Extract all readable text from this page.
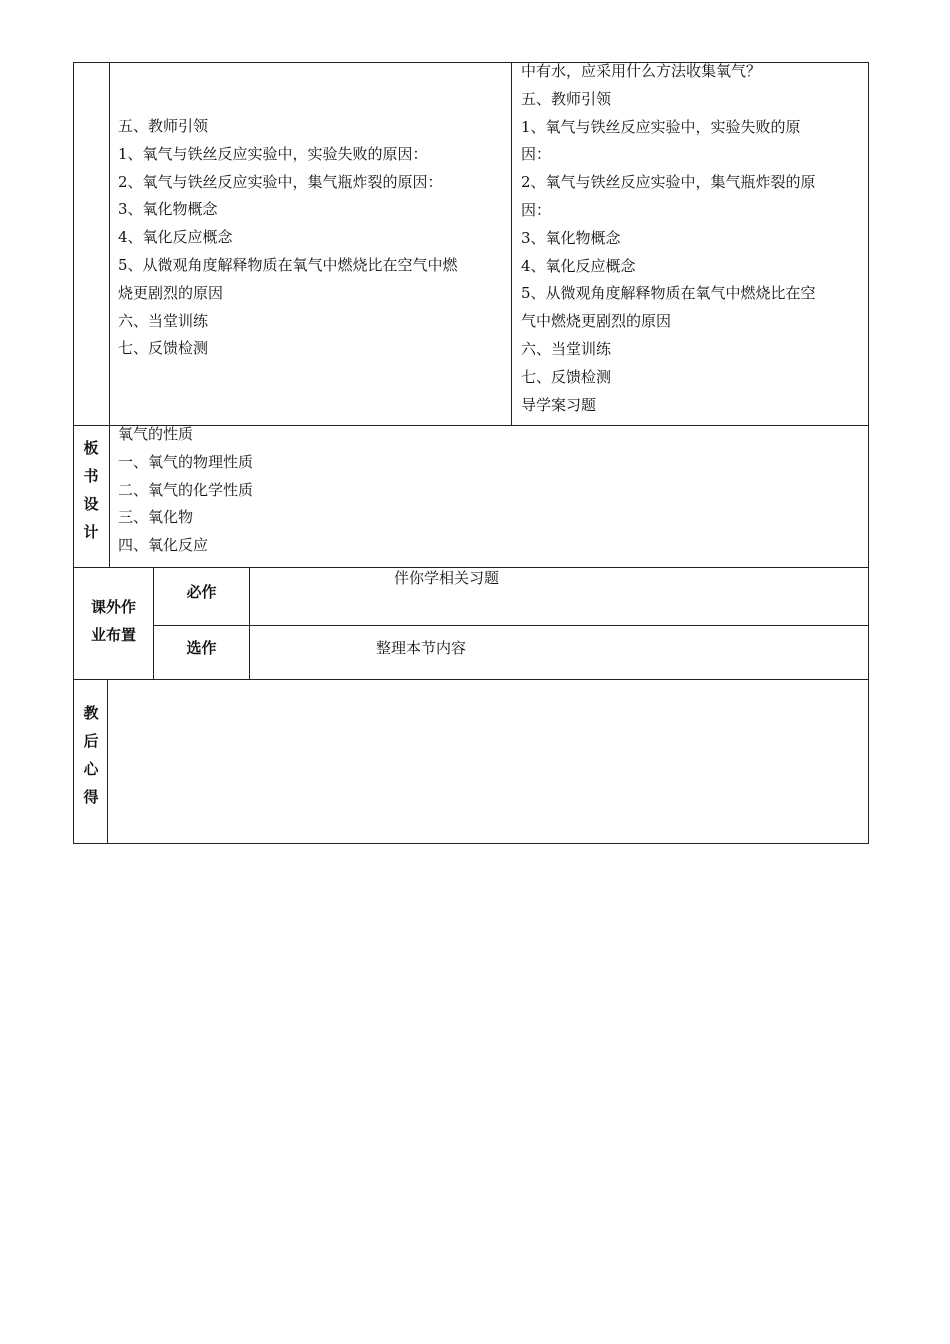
五、教师引领
1、氧气与铁丝反应实验中，实验失败的原因：
2、氧气与铁丝反应实验中，集气瓶炸裂的原因：
3、氧化物概念
4、氧化反应概念
5、从微观角度解释物质在氧气中燃烧比在空气中燃
烧更剧烈的原因
六、当堂训练
七、反馈检测
中有水，应采用什么方法收集氧气？
五、教师引领
1、氧气与铁丝反应实验中，实验失败的原
因：
2、氧气与铁丝反应实验中，集气瓶炸裂的原
因：
3、氧化物概念
4、氧化反应概念
5、从微观角度解释物质在氧气中燃烧比在空
气中燃烧更剧烈的原因
六、当堂训练
七、反馈检测
导学案习题
板
书
设
计
氧气的性质
一、氧气的物理性质
二、氧气的化学性质
三、氧化物
四、氧化反应
课外作
业布置
必作
伴你学相关习题
选作	整理本节内容
教
后
心
得
